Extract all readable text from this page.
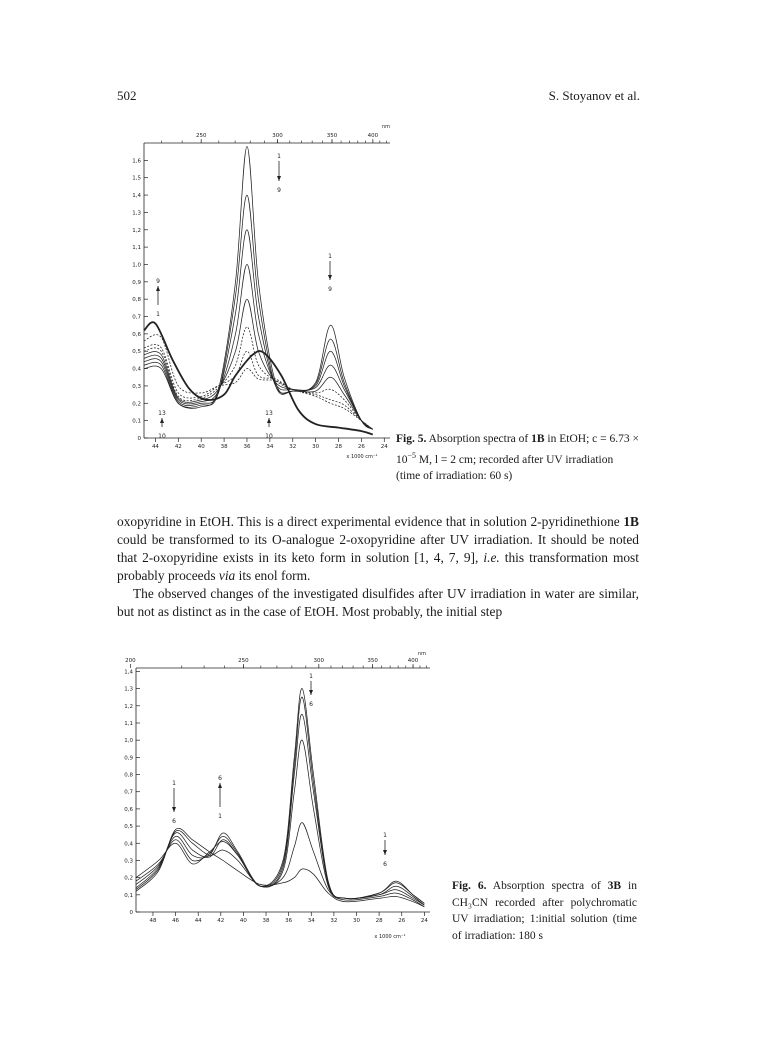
502	S. Stoyanov et al.
0
0,1
0,2
0,3
0,4
0,5
0,6
0,7
0,8
0,9
1,0
1,1
1,2
1,3
1,4
1,5
1,6
44	42	40	38	36	34	32	30	28	26	24
250	300	350	400
nm
x 1000 cm⁻¹
1
9
1
9
9
1
13
10
13
10	Fig. 5. Absorption spectra of 1B in EtOH; $c = 6.73 \times 10^{-5}$ M, l = 2 cm; recorded after UV irradiation (time of irradiation: 60 s)

oxopyridine in EtOH. This is a direct experimental evidence that in solution 2-pyridinethione 1B could be transformed to its O-analogue 2-oxopyridine after UV irradiation. It should be noted that 2-oxopyridine exists in its keto form in solution [1, 4, 7, 9], i.e. this transformation most probably proceeds via its enol form.

The observed changes of the investigated disulfides after UV irradiation in water are similar, but not as distinct as in the case of EtOH. Most probably, the initial step

0
0,1
0,2
0,3
0,4
0,5
0,6
0,7
0,8
0,9
1,0
1,1
1,2
1,3
1,4
48	46	44	42	40	38	36	34	32	30	28	26	24
200	250	300	350	400
nm
x 1000 cm⁻¹
1
6
1
6
6
1
1
6
Fig. 6. Absorption spectra of 3B in CH₃CN recorded after polychromatic UV irradiation; 1:initial solution (time of irradiation: 180 s
